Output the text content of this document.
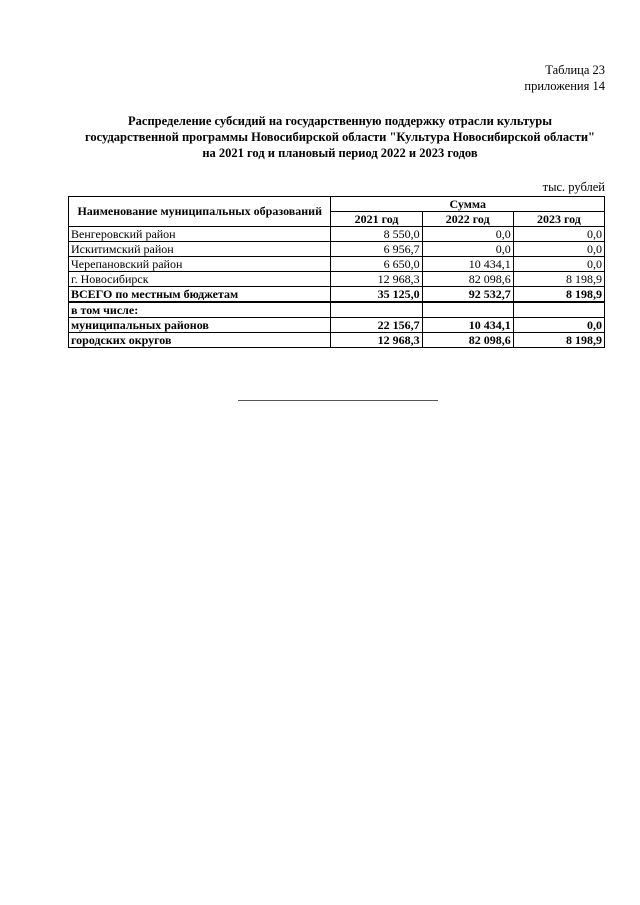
Таблица 23
приложения 14
Распределение субсидий на государственную поддержку отрасли культуры
государственной программы Новосибирской области "Культура Новосибирской области"
на 2021 год и плановый период 2022 и 2023 годов
тыс. рублей
Наименование муниципальных образований	Сумма		
	2021 год	2022 год	2023 год
Венгеровский район	8 550,0	0,0	0,0
Искитимский район	6 956,7	0,0	0,0
Черепановский район	6 650,0	10 434,1	0,0
г. Новосибирск	12 968,3	82 098,6	8 198,9
ВСЕГО по местным бюджетам	35 125,0	92 532,7	8 198,9
в том числе:			
муниципальных районов	22 156,7	10 434,1	0,0
городских округов	12 968,3	82 098,6	8 198,9
